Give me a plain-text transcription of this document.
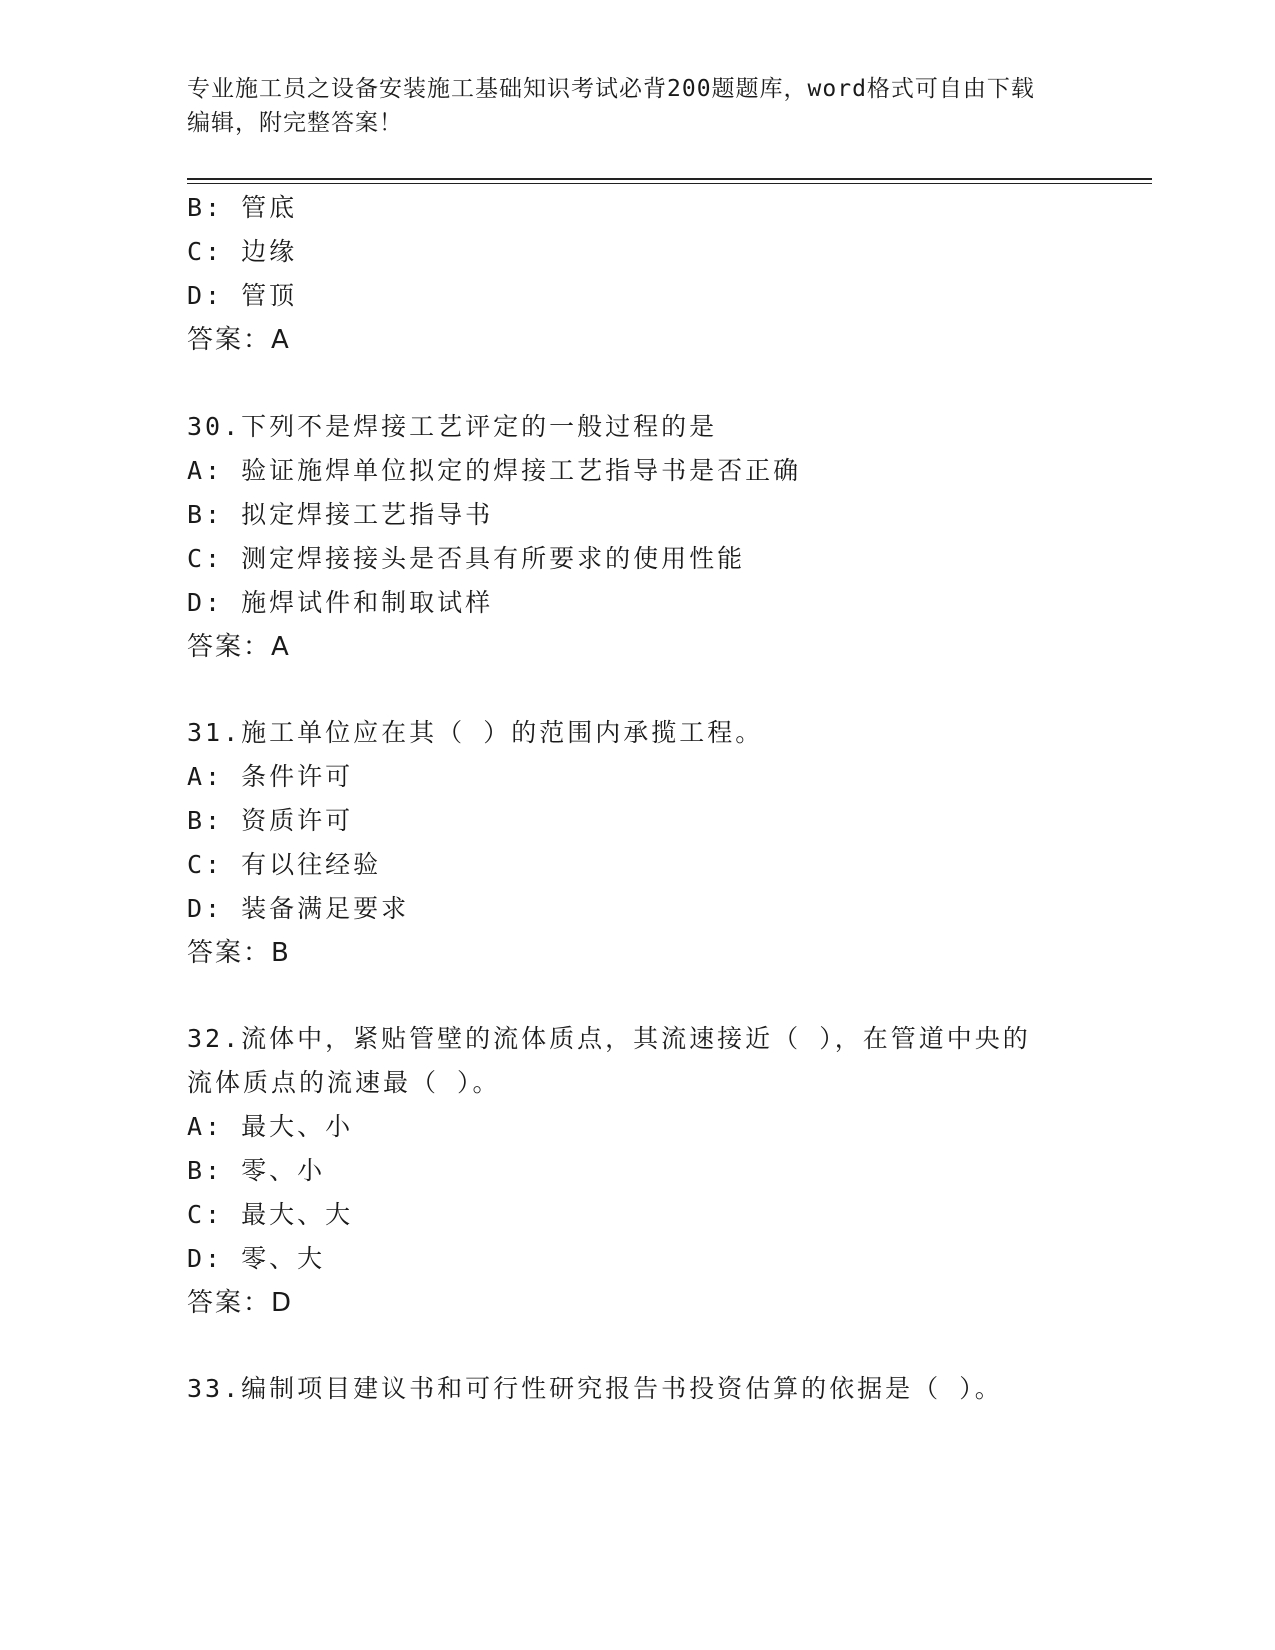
专业施工员之设备安装施工基础知识考试必背200题题库，word格式可自由下载
编辑，附完整答案！
B: 管底
C: 边缘
D: 管顶
答案：A
30.下列不是焊接工艺评定的一般过程的是
A: 验证施焊单位拟定的焊接工艺指导书是否正确
B: 拟定焊接工艺指导书
C: 测定焊接接头是否具有所要求的使用性能
D: 施焊试件和制取试样
答案：A
31.施工单位应在其（ ）的范围内承揽工程。
A: 条件许可
B: 资质许可
C: 有以往经验
D: 装备满足要求
答案：B
32.流体中，紧贴管壁的流体质点，其流速接近（ ），在管道中央的
流体质点的流速最（ ）。
A: 最大、小
B: 零、小
C: 最大、大
D: 零、大
答案：D
33.编制项目建议书和可行性研究报告书投资估算的依据是（ ）。
